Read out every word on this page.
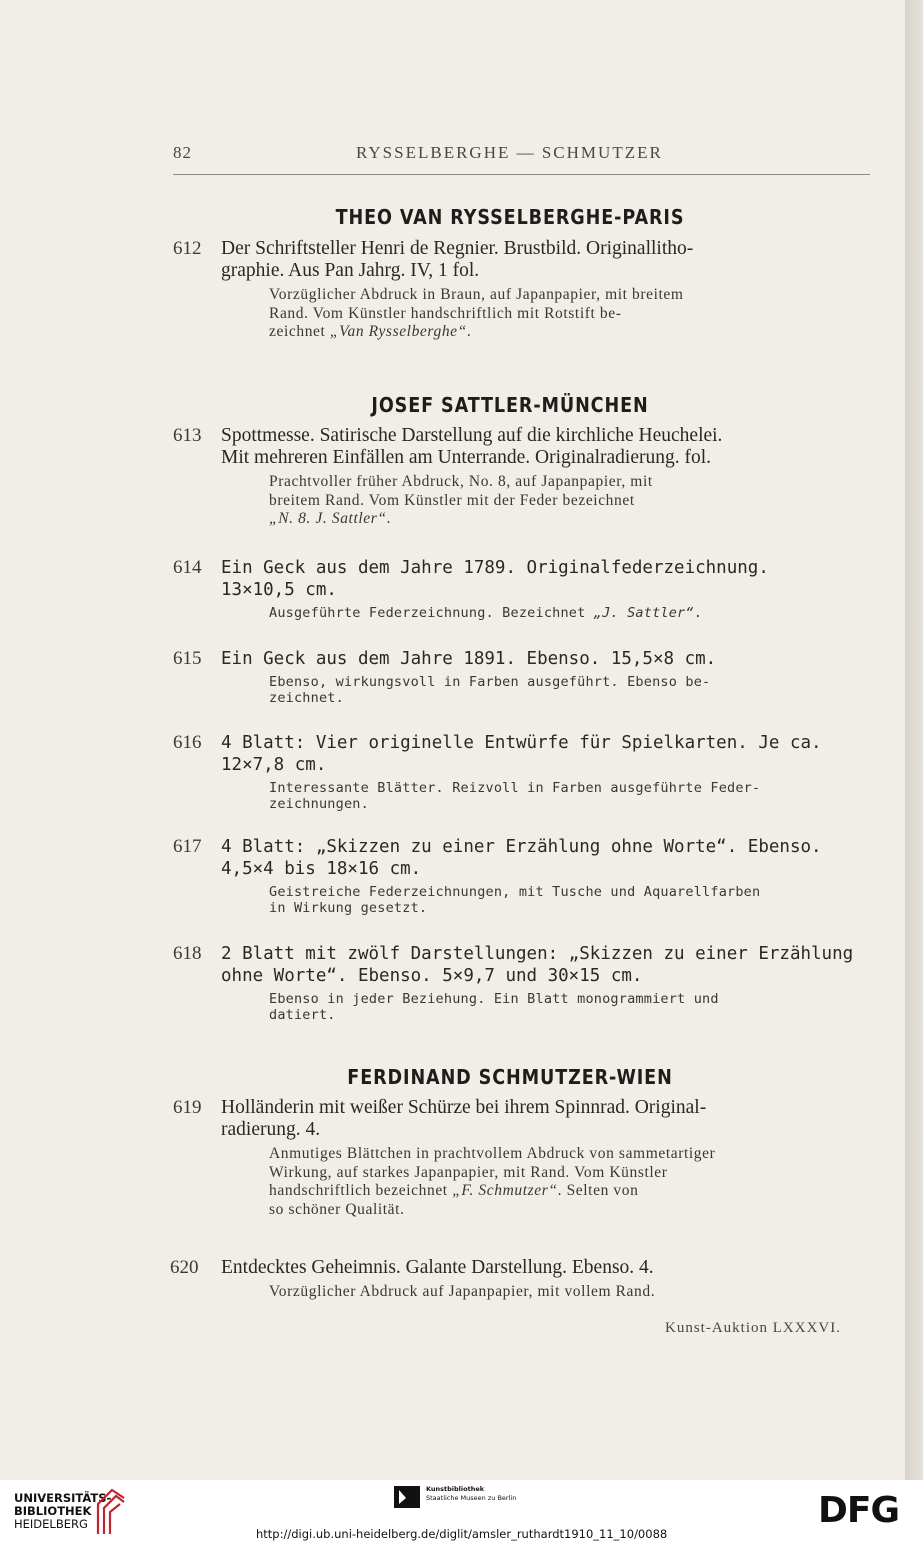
82	RYSSELBERGHE — SCHMUTZER
THEO VAN RYSSELBERGHE-PARIS
612 Der Schriftsteller Henri de Regnier. Brustbild. Originallitho-
graphie. Aus Pan Jahrg. IV, 1 fol.
Vorzüglicher Abdruck in Braun, auf Japanpapier, mit breitem
Rand. Vom Künstler handschriftlich mit Rotstift be-
zeichnet „Van Rysselberghe“.
JOSEF SATTLER-MÜNCHEN
613 Spottmesse. Satirische Darstellung auf die kirchliche Heuchelei.
Mit mehreren Einfällen am Unterrande. Originalradierung. fol.
Prachtvoller früher Abdruck, No. 8, auf Japanpapier, mit
breitem Rand. Vom Künstler mit der Feder bezeichnet
„N. 8. J. Sattler“.
614 Ein Geck aus dem Jahre 1789. Originalfederzeichnung.
13×10,5 cm.
Ausgeführte Federzeichnung. Bezeichnet „J. Sattler“.
615 Ein Geck aus dem Jahre 1891. Ebenso. 15,5×8 cm.
Ebenso, wirkungsvoll in Farben ausgeführt. Ebenso be-
zeichnet.
616 4 Blatt: Vier originelle Entwürfe für Spielkarten. Je ca.
12×7,8 cm.
Interessante Blätter. Reizvoll in Farben ausgeführte Feder-
zeichnungen.
617 4 Blatt: „Skizzen zu einer Erzählung ohne Worte“. Ebenso.
4,5×4 bis 18×16 cm.
Geistreiche Federzeichnungen, mit Tusche und Aquarellfarben
in Wirkung gesetzt.
618 2 Blatt mit zwölf Darstellungen: „Skizzen zu einer Erzählung
ohne Worte“. Ebenso. 5×9,7 und 30×15 cm.
Ebenso in jeder Beziehung. Ein Blatt monogrammiert und
datiert.
FERDINAND SCHMUTZER-WIEN
619 Holländerin mit weißer Schürze bei ihrem Spinnrad. Original-
radierung. 4.
Anmutiges Blättchen in prachtvollem Abdruck von sammetartiger
Wirkung, auf starkes Japanpapier, mit Rand. Vom Künstler
handschriftlich bezeichnet „F. Schmutzer“. Selten von
so schöner Qualität.
620 Entdecktes Geheimnis. Galante Darstellung. Ebenso. 4.
Vorzüglicher Abdruck auf Japanpapier, mit vollem Rand.
Kunst-Auktion LXXXVI.
UNIVERSITÄTS-
BIBLIOTHEK
HEIDELBERG
Kunstbibliothek
Staatliche Museen zu Berlin	DFG
http://digi.ub.uni-heidelberg.de/diglit/amsler_ruthardt1910_11_10/0088
